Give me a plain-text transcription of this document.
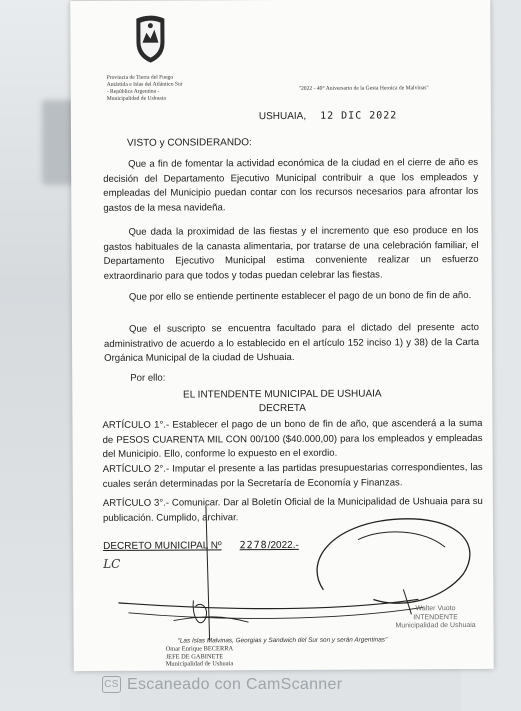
Provincia de Tierra del Fuego
Antártida e Islas del Atlántico Sur
- República Argentina -
Municipalidad de Ushuaia
"2022 - 40° Aniversario de la Gesta Heroica de Malvinas"
USHUAIA, 12 DIC 2022
VISTO y CONSIDERANDO:
Que a fin de fomentar la actividad económica de la ciudad en el cierre de año es decisión del Departamento Ejecutivo Municipal contribuir a que los empleados y empleadas del Municipio puedan contar con los recursos necesarios para afrontar los gastos de la mesa navideña.
Que dada la proximidad de las fiestas y el incremento que eso produce en los gastos habituales de la canasta alimentaria, por tratarse de una celebración familiar, el Departamento Ejecutivo Municipal estima conveniente realizar un esfuerzo extraordinario para que todos y todas puedan celebrar las fiestas.
Que por ello se entiende pertinente establecer el pago de un bono de fin de año.
Que el suscripto se encuentra facultado para el dictado del presente acto administrativo de acuerdo a lo establecido en el artículo 152 inciso 1) y 38) de la Carta Orgánica Municipal de la ciudad de Ushuaia.
Por ello:
EL INTENDENTE MUNICIPAL DE USHUAIA
DECRETA
ARTÍCULO 1°.- Establecer el pago de un bono de fin de año, que ascenderá a la suma de PESOS CUARENTA MIL CON 00/100 ($40.000,00) para los empleados y empleadas del Municipio. Ello, conforme lo expuesto en el exordio.
ARTÍCULO 2°.- Imputar el presente a las partidas presupuestarias correspondientes, las cuales serán determinadas por la Secretaría de Economía y Finanzas.
ARTÍCULO 3°.- Comunicar. Dar al Boletín Oficial de la Municipalidad de Ushuaia para su publicación. Cumplido, archivar.
DECRETO MUNICIPAL Nº 2278/2022.-
LC
Walter Vuoto
INTENDENTE
Municipalidad de Ushuaia
"Las Islas Malvinas, Georgias y Sandwich del Sur son y serán Argentinas"
Omar Enrique BECERRA
JEFE DE GABINETE
Municipalidad de Ushuaia
CS Escaneado con CamScanner
